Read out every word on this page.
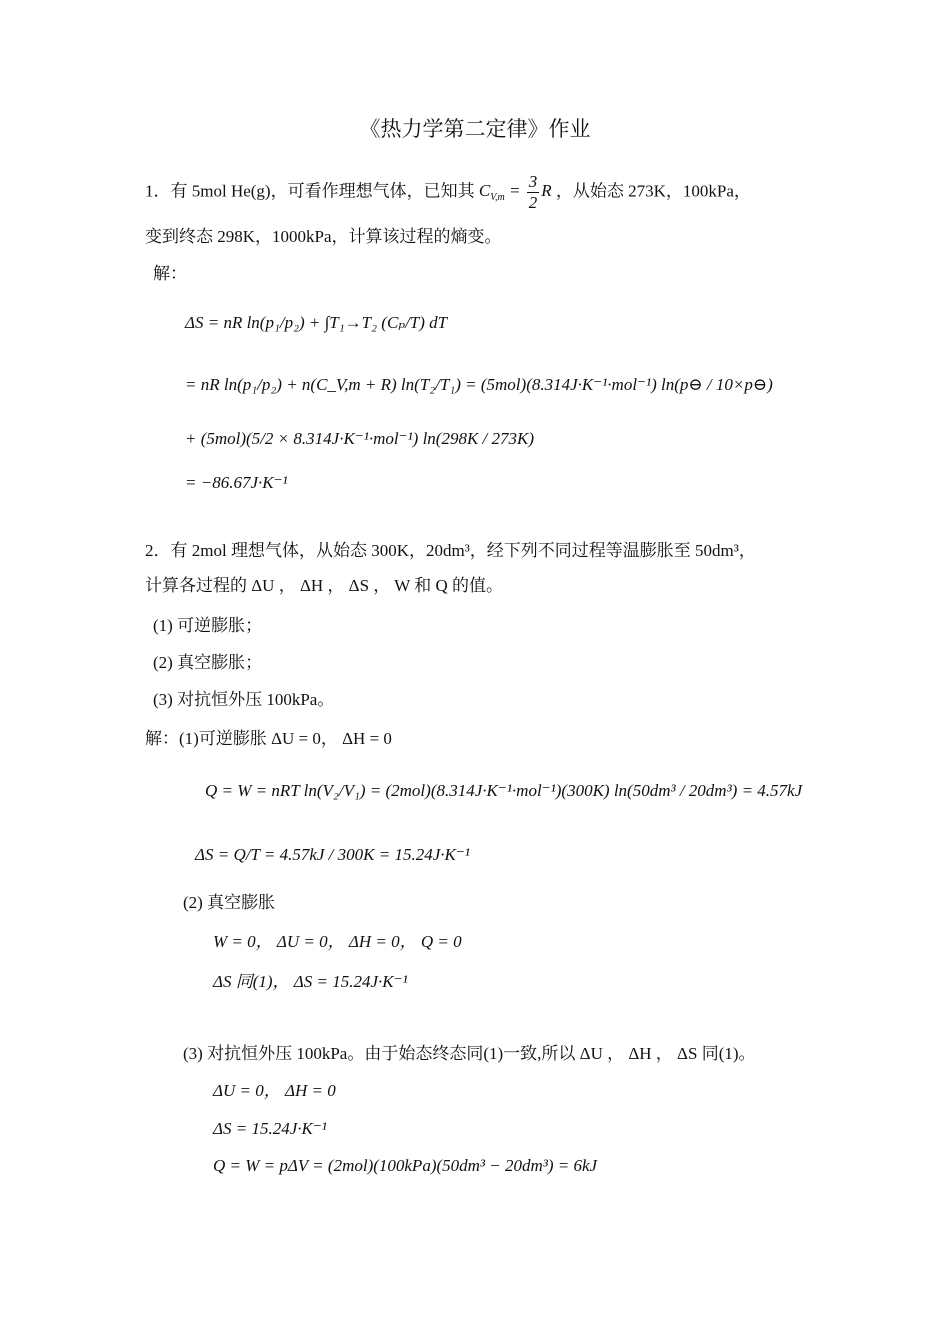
《热力学第二定律》作业
1．有 5mol He(g)，可看作理想气体，已知其 $C_{V,m} = \frac{3}{2}$ R ，从始态 273K，100kPa，
变到终态 298K，1000kPa，计算该过程的熵变。
解：
ΔS = nR ln(p₁/p₂) + ∫T₁→T₂ (Cₚ/T) dT
= nR ln(p₁/p₂) + n(C_V,m + R) ln(T₂/T₁) = (5mol)(8.314J·K⁻¹·mol⁻¹) ln(p⊖ / 10×p⊖)
+ (5mol)(5/2 × 8.314J·K⁻¹·mol⁻¹) ln(298K / 273K)
= −86.67J·K⁻¹
2．有 2mol 理想气体，从始态 300K，20dm³，经下列不同过程等温膨胀至 50dm³，
计算各过程的 ΔU ， ΔH ， ΔS ， W 和 Q 的值。
(1) 可逆膨胀；
(2) 真空膨胀；
(3) 对抗恒外压 100kPa。
解：(1)可逆膨胀 ΔU = 0， ΔH = 0
Q = W = nRT ln(V₂/V₁) = (2mol)(8.314J·K⁻¹·mol⁻¹)(300K) ln(50dm³ / 20dm³) = 4.57kJ
ΔS = Q/T = 4.57kJ / 300K = 15.24J·K⁻¹
(2) 真空膨胀
W = 0， ΔU = 0， ΔH = 0， Q = 0
ΔS 同(1)， ΔS = 15.24J·K⁻¹
(3) 对抗恒外压 100kPa。由于始态终态同(1)一致,所以 ΔU ， ΔH ， ΔS 同(1)。
ΔU = 0， ΔH = 0
ΔS = 15.24J·K⁻¹
Q = W = pΔV = (2mol)(100kPa)(50dm³ − 20dm³) = 6kJ
